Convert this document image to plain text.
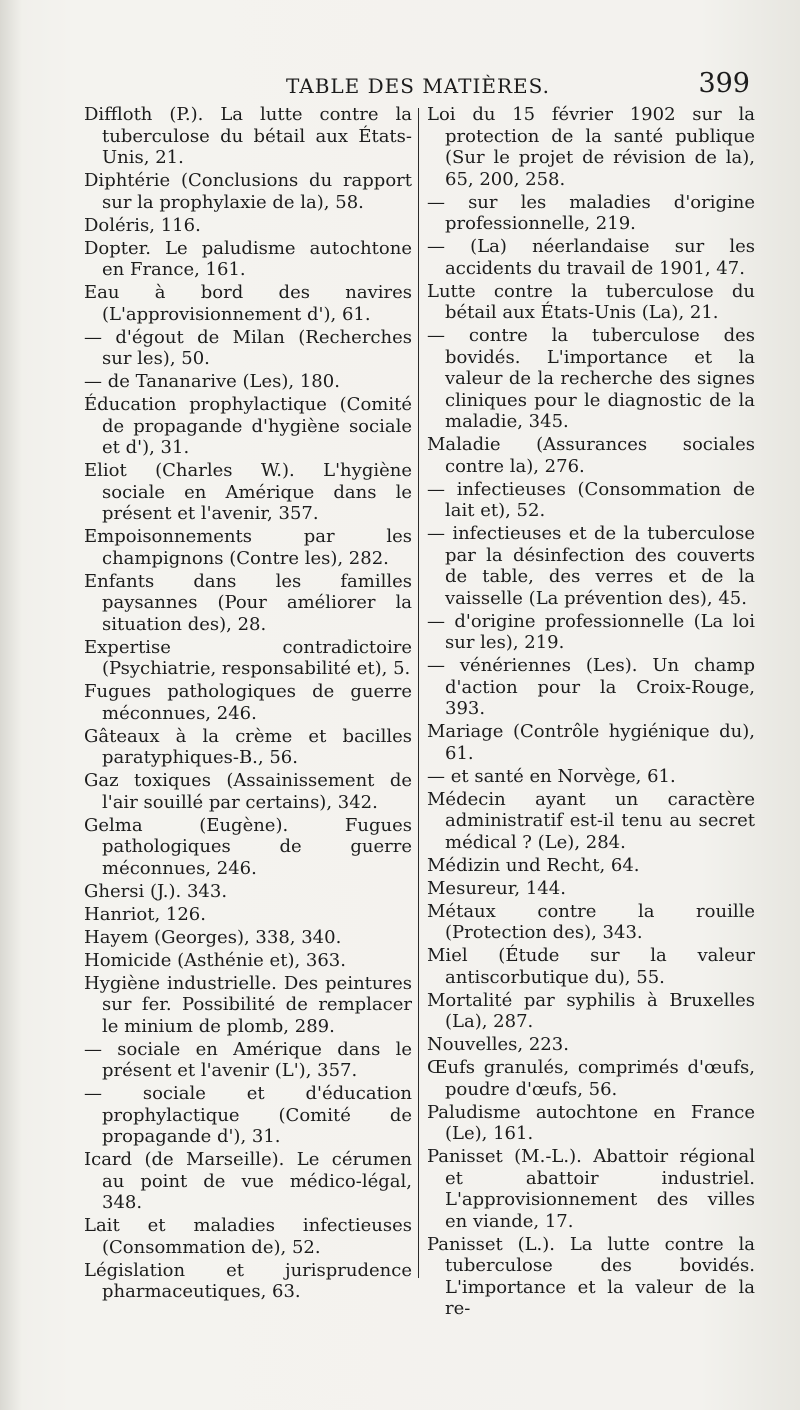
TABLE DES MATIÈRES.	399

Diffloth (P.). La lutte contre la tuberculose du bétail aux États-Unis, 21.

Diphtérie (Conclusions du rapport sur la prophylaxie de la), 58.

Doléris, 116.

Dopter. Le paludisme autochtone en France, 161.

Eau à bord des navires (L'approvisionnement d'), 61.

— d'égout de Milan (Recherches sur les), 50.

— de Tananarive (Les), 180.

Éducation prophylactique (Comité de propagande d'hygiène sociale et d'), 31.

Eliot (Charles W.). L'hygiène sociale en Amérique dans le présent et l'avenir, 357.

Empoisonnements par les champignons (Contre les), 282.

Enfants dans les familles paysannes (Pour améliorer la situation des), 28.

Expertise contradictoire (Psychiatrie, responsabilité et), 5.

Fugues pathologiques de guerre méconnues, 246.

Gâteaux à la crème et bacilles paratyphiques-B., 56.

Gaz toxiques (Assainissement de l'air souillé par certains), 342.

Gelma (Eugène). Fugues pathologiques de guerre méconnues, 246.

Ghersi (J.). 343.

Hanriot, 126.

Hayem (Georges), 338, 340.

Homicide (Asthénie et), 363.

Hygiène industrielle. Des peintures sur fer. Possibilité de remplacer le minium de plomb, 289.

— sociale en Amérique dans le présent et l'avenir (L'), 357.

— sociale et d'éducation prophylactique (Comité de propagande d'), 31.

Icard (de Marseille). Le cérumen au point de vue médico-légal, 348.

Lait et maladies infectieuses (Consommation de), 52.

Législation et jurisprudence pharmaceutiques, 63.

Loi du 15 février 1902 sur la protection de la santé publique (Sur le projet de révision de la), 65, 200, 258.

— sur les maladies d'origine professionnelle, 219.

— (La) néerlandaise sur les accidents du travail de 1901, 47.

Lutte contre la tuberculose du bétail aux États-Unis (La), 21.

— contre la tuberculose des bovidés. L'importance et la valeur de la recherche des signes cliniques pour le diagnostic de la maladie, 345.

Maladie (Assurances sociales contre la), 276.

— infectieuses (Consommation de lait et), 52.

— infectieuses et de la tuberculose par la désinfection des couverts de table, des verres et de la vaisselle (La prévention des), 45.

— d'origine professionnelle (La loi sur les), 219.

— vénériennes (Les). Un champ d'action pour la Croix-Rouge, 393.

Mariage (Contrôle hygiénique du), 61.

— et santé en Norvège, 61.

Médecin ayant un caractère administratif est-il tenu au secret médical ? (Le), 284.

Médizin und Recht, 64.

Mesureur, 144.

Métaux contre la rouille (Protection des), 343.

Miel (Étude sur la valeur antiscorbutique du), 55.

Mortalité par syphilis à Bruxelles (La), 287.

Nouvelles, 223.

Œufs granulés, comprimés d'œufs, poudre d'œufs, 56.

Paludisme autochtone en France (Le), 161.

Panisset (M.-L.). Abattoir régional et abattoir industriel. L'approvisionnement des villes en viande, 17.

Panisset (L.). La lutte contre la tuberculose des bovidés. L'importance et la valeur de la re-
